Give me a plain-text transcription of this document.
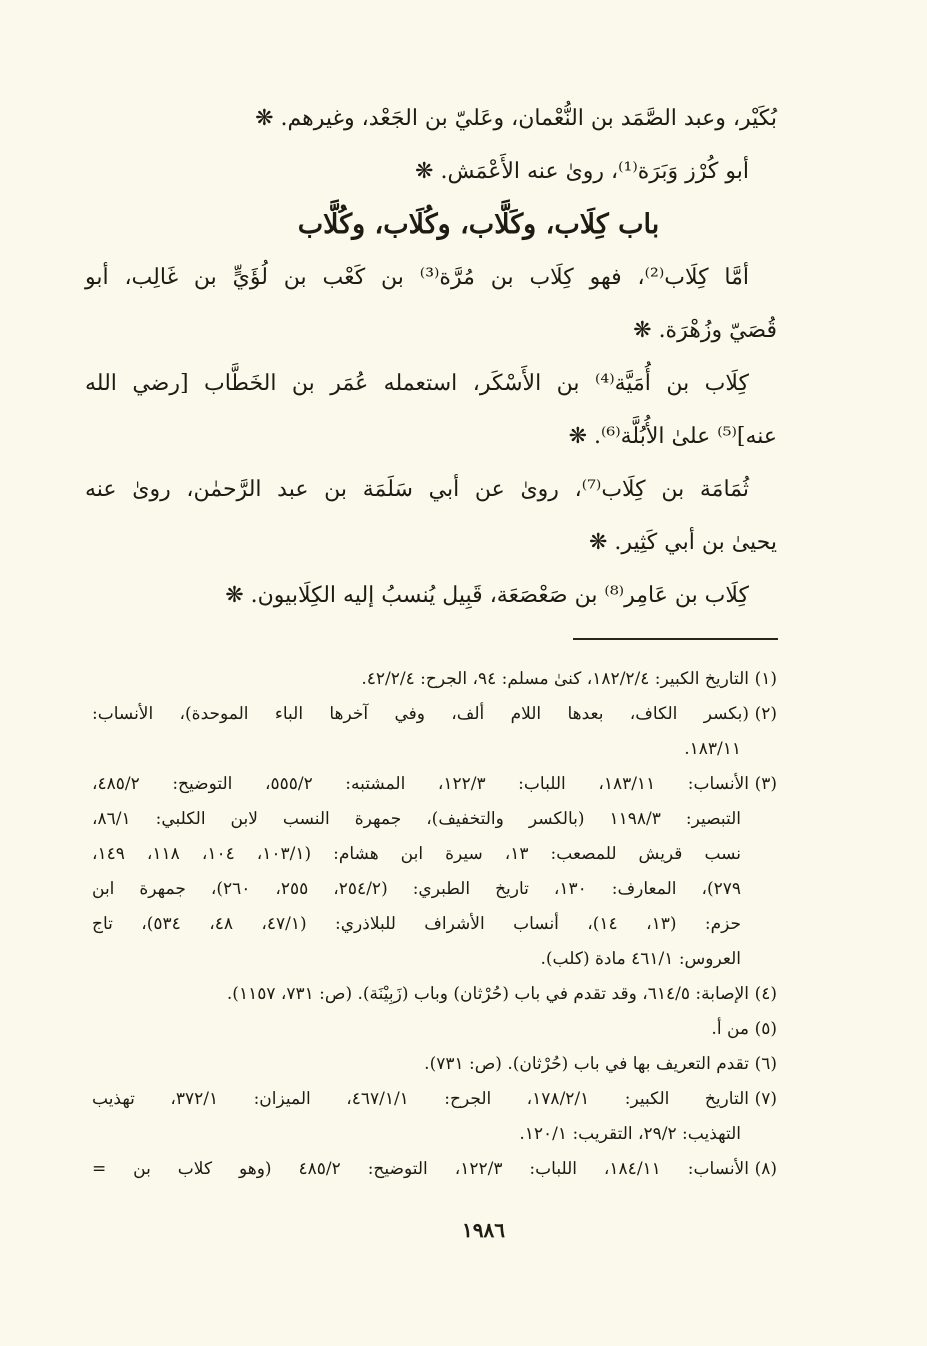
بُكَيْر، وعبد الصَّمَد بن النُّعْمان، وعَليّ بن الجَعْد، وغيرهم. ❋
أبو كُرْز وَبَرَة⁽¹⁾، روىٰ عنه الأَعْمَش. ❋
باب كِلَاب، وكَلَّاب، وكُلَاب، وكُلَّاب
أمَّا كِلَاب⁽²⁾، فهو كِلَاب بن مُرَّة⁽³⁾ بن كَعْب بن لُؤَيٍّ بن غَالِب، أبو
قُصَيّ وزُهْرَة. ❋
كِلَاب بن أُمَيَّة⁽⁴⁾ بن الأَسْكَر، استعمله عُمَر بن الخَطَّاب [رضي الله
عنه]⁽⁵⁾ علىٰ الأُبُلَّة⁽⁶⁾. ❋
ثُمَامَة بن كِلَاب⁽⁷⁾، روىٰ عن أبي سَلَمَة بن عبد الرَّحمٰن، روىٰ عنه
يحيىٰ بن أبي كَثِير. ❋
كِلَاب بن عَامِر⁽⁸⁾ بن صَعْصَعَة، قَبِيل يُنسبُ إليه الكِلَابيون. ❋
(١)
التاريخ الكبير: ١٨٢/٢/٤، كنىٰ مسلم: ٩٤، الجرح: ٤٢/٢/٤.
(٢)
(بكسر الكاف، بعدها اللام ألف، وفي آخرها الباء الموحدة)، الأنساب:
١٨٣/١١.
(٣)
الأنساب: ١٨٣/١١، اللباب: ١٢٢/٣، المشتبه: ٥٥٥/٢، التوضيح: ٤٨٥/٢،
التبصير: ١١٩٨/٣ (بالكسر والتخفيف)، جمهرة النسب لابن الكلبي: ٨٦/١،
نسب قريش للمصعب: ١٣، سيرة ابن هشام: (١٠٣/١، ١٠٤، ١١٨، ١٤٩،
٢٧٩)، المعارف: ١٣٠، تاريخ الطبري: (٢٥٤/٢، ٢٥٥، ٢٦٠)، جمهرة ابن
حزم: (١٣، ١٤)، أنساب الأشراف للبلاذري: (٤٧/١، ٤٨، ٥٣٤)، تاج
العروس: ٤٦١/١ مادة (كلب).
(٤)
الإصابة: ٦١٤/٥، وقد تقدم في باب (حُرْثان) وباب (زَبِيْنَة). (ص: ٧٣١، ١١٥٧).
(٥)
من أ.
(٦)
تقدم التعريف بها في باب (حُرْثان). (ص: ٧٣١).
(٧)
التاريخ الكبير: ١٧٨/٢/١، الجرح: ٤٦٧/١/١، الميزان: ٣٧٢/١، تهذيب
التهذيب: ٢٩/٢، التقريب: ١٢٠/١.
(٨)
الأنساب: ١٨٤/١١، اللباب: ١٢٢/٣، التوضيح: ٤٨٥/٢ (وهو كلاب بن =
١٩٨٦
